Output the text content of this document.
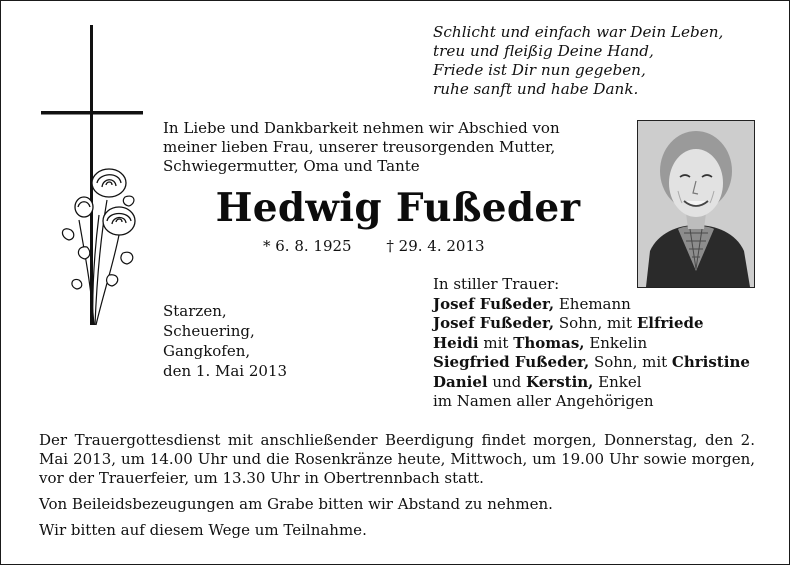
Schlicht und einfach war Dein Leben,
treu und fleißig Deine Hand,
Friede ist Dir nun gegeben,
ruhe sanft und habe Dank.
In Liebe und Dankbarkeit nehmen wir Abschied von
meiner lieben Frau, unserer treusorgenden Mutter,
Schwiegermutter, Oma und Tante
Hedwig Fußeder
* 6. 8. 1925 † 29. 4. 2013
Starzen,
Scheuering,
Gangkofen,
den 1. Mai 2013
In stiller Trauer:
Josef Fußeder, Ehemann
Josef Fußeder, Sohn, mit Elfriede
Heidi mit Thomas, Enkelin
Siegfried Fußeder, Sohn, mit Christine
Daniel und Kerstin, Enkel
im Namen aller Angehörigen

Der Trauergottesdienst mit anschließender Beerdigung findet morgen, Donnerstag, den 2. Mai 2013, um 14.00 Uhr und die Rosenkränze heute, Mittwoch, um 19.00 Uhr sowie morgen, vor der Trauerfeier, um 13.30 Uhr in Obertrennbach statt.

Von Beileidsbezeugungen am Grabe bitten wir Abstand zu nehmen.

Wir bitten auf diesem Wege um Teilnahme.
